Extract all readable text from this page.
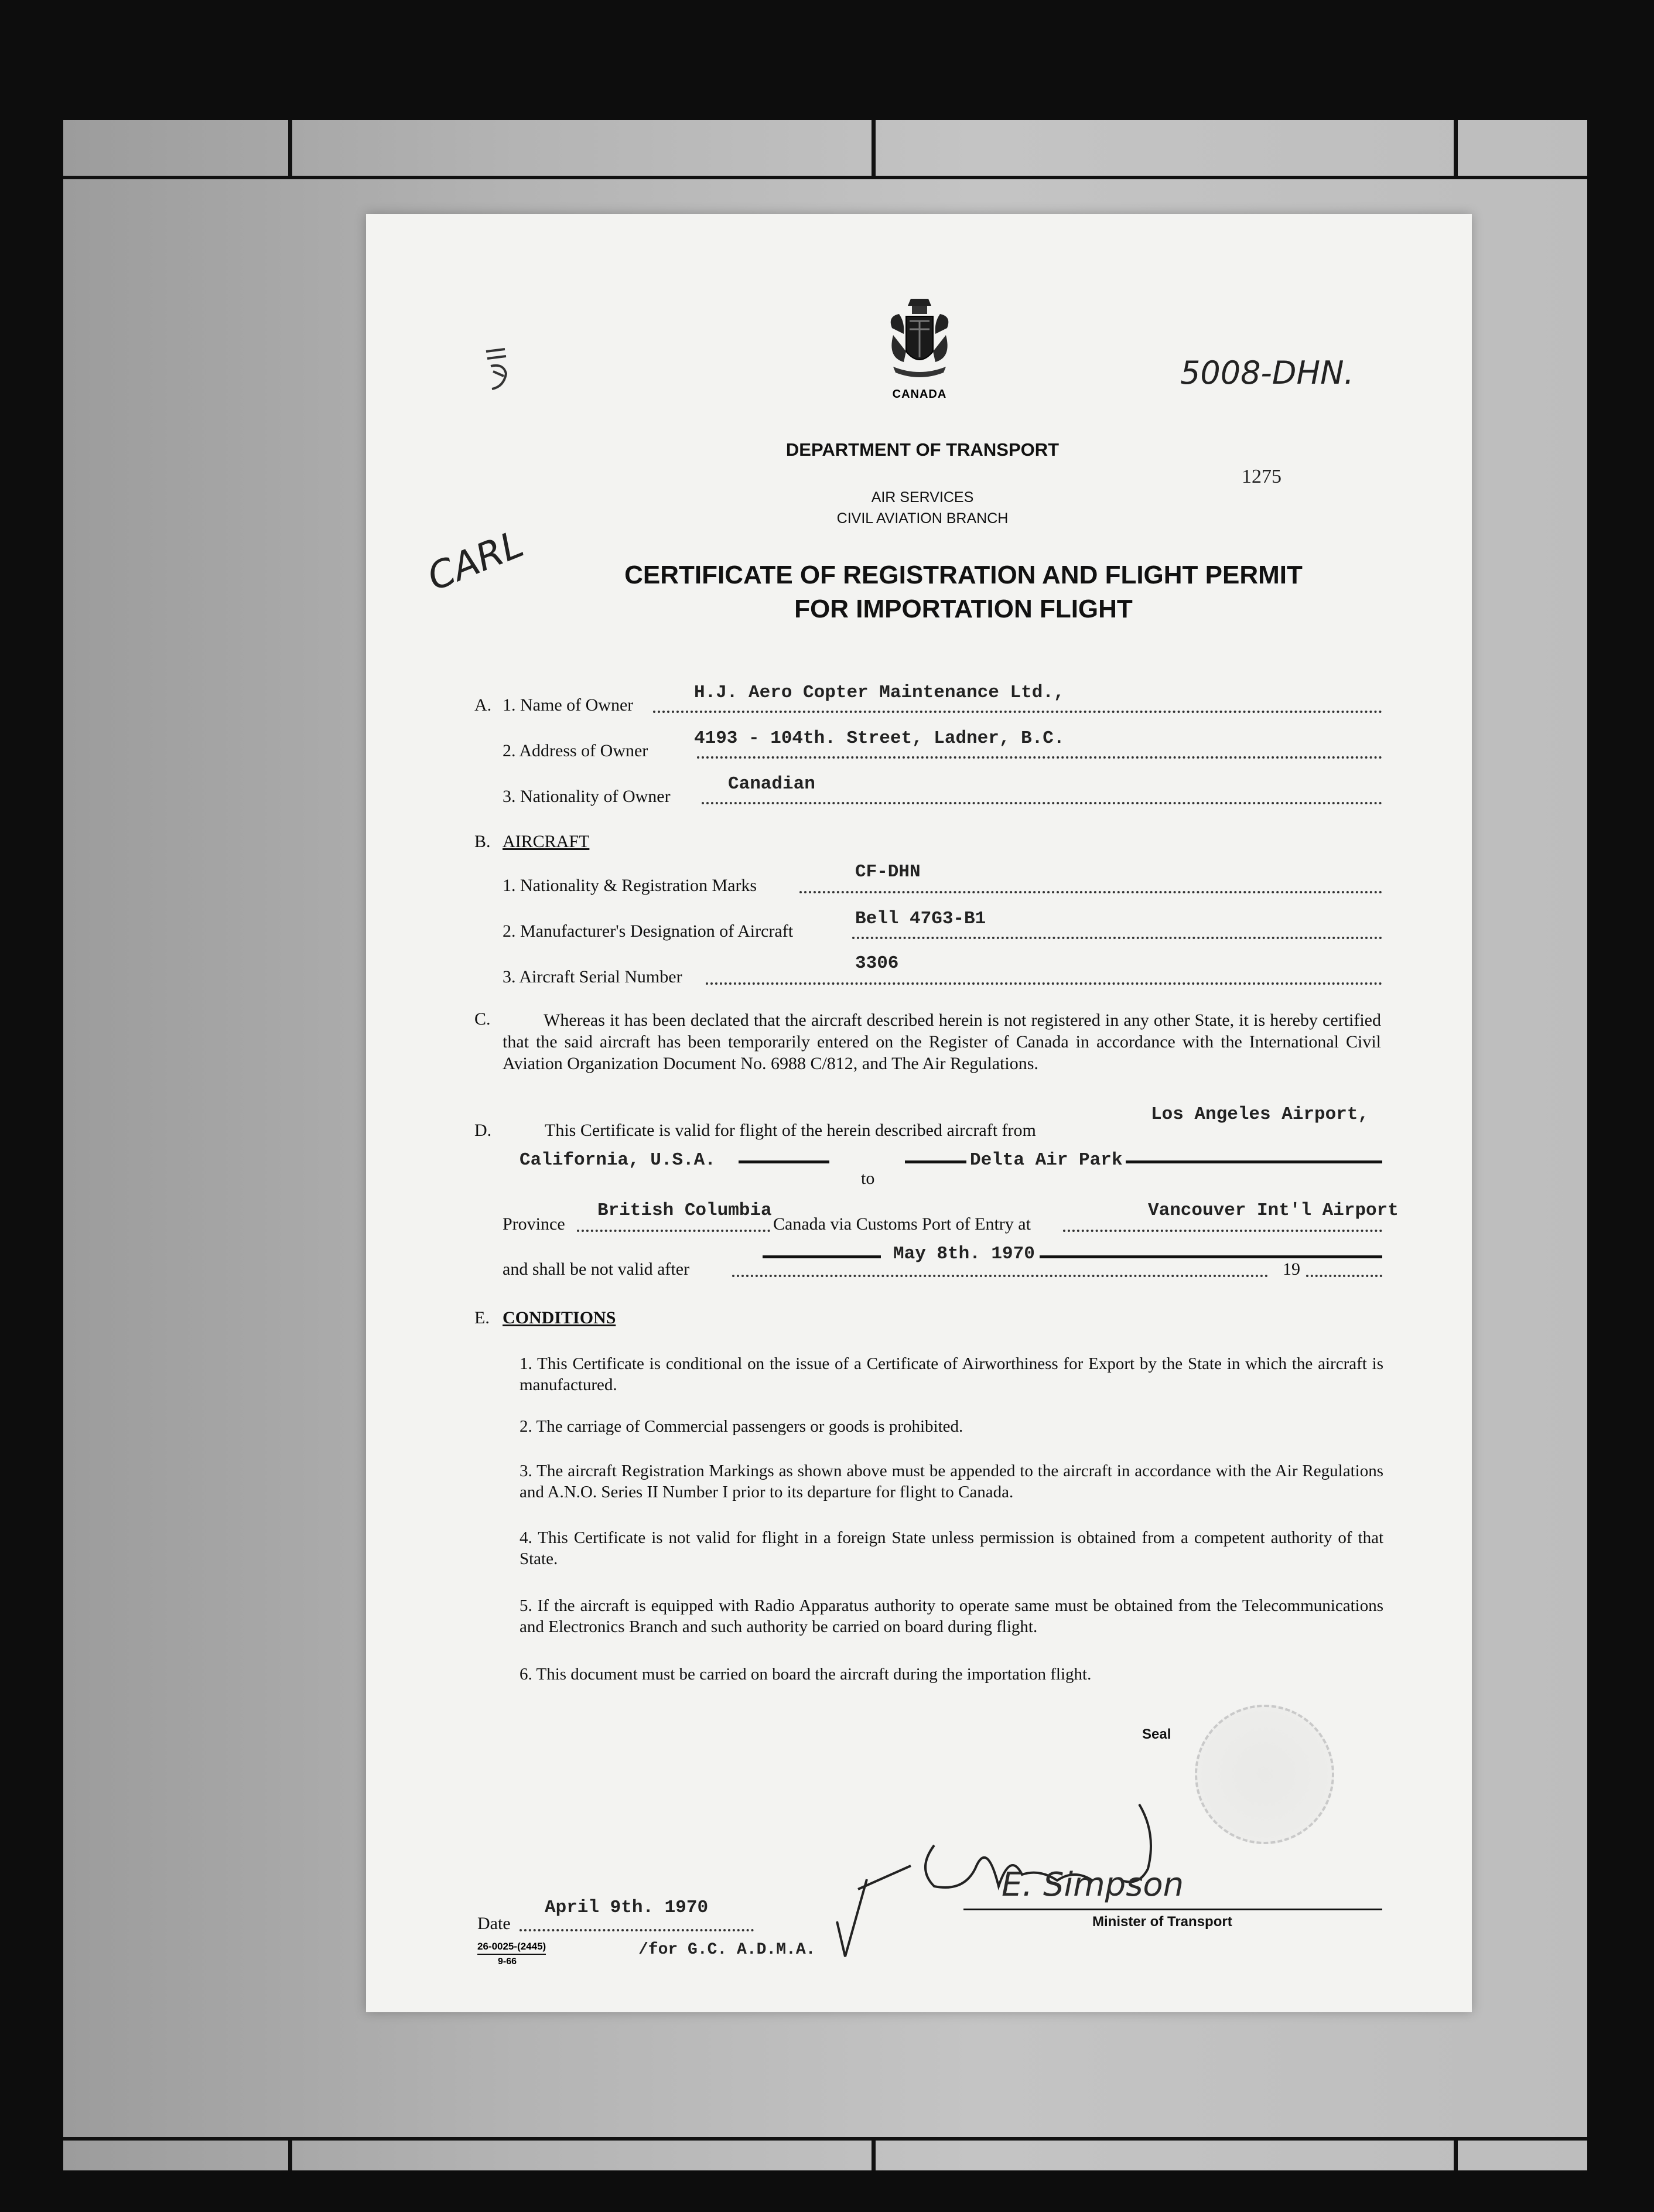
CANADA
DEPARTMENT OF TRANSPORT
AIR SERVICES
CIVIL AVIATION BRANCH
5008-DHN.
1275
CARL	CERTIFICATE OF REGISTRATION AND FLIGHT PERMIT
FOR IMPORTATION FLIGHT
A. 1. Name of Owner
H.J. Aero Copter Maintenance Ltd.,
2. Address of Owner
4193 - 104th. Street, Ladner, B.C.
3. Nationality of Owner
Canadian
B. AIRCRAFT
1. Nationality & Registration Marks
CF-DHN
2. Manufacturer's Designation of Aircraft
Bell 47G3-B1
3. Aircraft Serial Number
3306
C.	Whereas it has been declated that the aircraft described herein is not registered in any other State, it is hereby certified that the said aircraft has been temporarily entered on the Register of Canada in accordance with the International Civil Aviation Organization Document No. 6988 C/812, and The Air Regulations.
D.	This Certificate is valid for flight of the herein described aircraft from
Los Angeles Airport,
California, U.S.A.
to
Delta Air Park
Province
British Columbia
Canada via Customs Port of Entry at
Vancouver Int'l Airport
May 8th. 1970
and shall be not valid after	19
E. CONDITIONS
1. This Certificate is conditional on the issue of a Certificate of Airworthiness for Export by the State in which the aircraft is manufactured.
2. The carriage of Commercial passengers or goods is prohibited.
3. The aircraft Registration Markings as shown above must be appended to the aircraft in accordance with the Air Regulations and A.N.O. Series II Number I prior to its departure for flight to Canada.
4. This Certificate is not valid for flight in a foreign State unless permission is obtained from a competent authority of that State.
5. If the aircraft is equipped with Radio Apparatus authority to operate same must be obtained from the Telecommunications and Electronics Branch and such authority be carried on board during flight.
6. This document must be carried on board the aircraft during the importation flight.
Seal
E. Simpson
Minister of Transport
Date
April 9th. 1970
/for G.C. A.D.M.A.
26-0025-(2445)
9-66
